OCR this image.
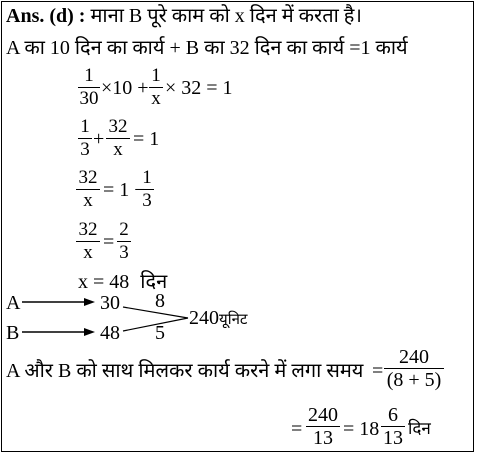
Ans. (d) : माना B पूरे काम को x दिन में करता है।
A का 10 दिन का कार्य + B का 32 दिन का कार्य =1 कार्य
1
30 ×10 +
1
x × 32 = 1
1
3 +
32
x = 1
32
x = 1 −
1
3
32
x =
2
3
x = 48 दिन
A	30 8
B	48 5
240यूनिट
A और B को साथ मिलकर कार्य करने में लगा समय =
240
(8 + 5)
=
240
13 = 18
6
13 दिन
